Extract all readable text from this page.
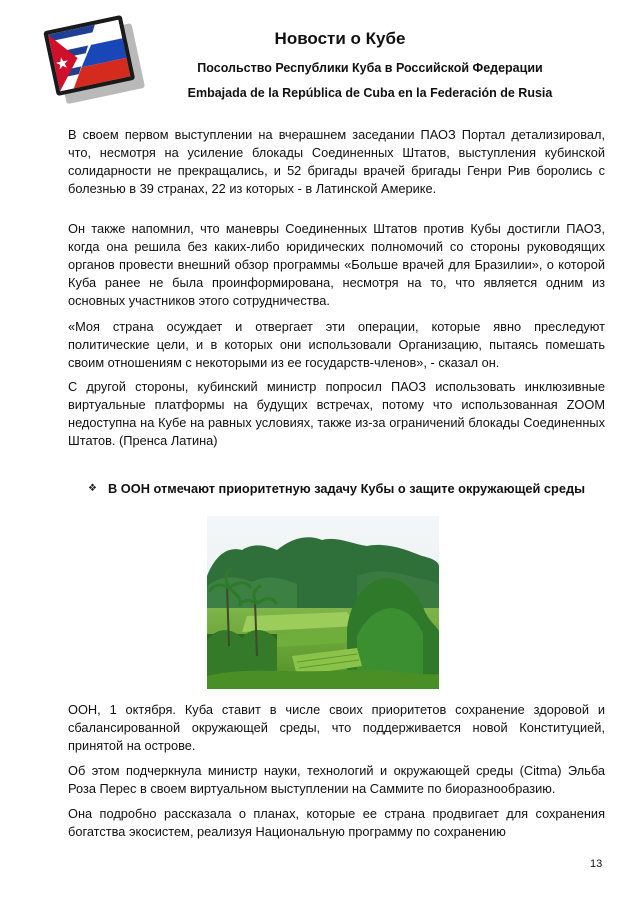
Новости о Кубе
Посольство Республики Куба в Российской Федерации
Embajada de la República de Cuba en la Federación de Rusia

В своем первом выступлении на вчерашнем заседании ПАОЗ Портал детализировал, что, несмотря на усиление блокады Соединенных Штатов, выступления кубинской солидарности не прекращались, и 52 бригады врачей бригады Генри Рив боролись с болезнью в 39 странах, 22 из которых - в Латинской Америке.

Он также напомнил, что маневры Соединенных Штатов против Кубы достигли ПАОЗ, когда она решила без каких-либо юридических полномочий со стороны руководящих органов провести внешний обзор программы «Больше врачей для Бразилии», о которой Куба ранее не была проинформирована, несмотря на то, что является одним из основных участников этого сотрудничества.

«Моя страна осуждает и отвергает эти операции, которые явно преследуют политические цели, и в которых они использовали Организацию, пытаясь помешать своим отношениям с некоторыми из ее государств-членов», - сказал он.

С другой стороны, кубинский министр попросил ПАОЗ использовать инклюзивные виртуальные платформы на будущих встречах, потому что использованная ZOOM недоступна на Кубе на равных условиях, также из-за ограничений блокады Соединенных Штатов. (Пренса Латина)

❖ В ООН отмечают приоритетную задачу Кубы о защите окружающей среды

ООН, 1 октября. Куба ставит в числе своих приоритетов сохранение здоровой и сбалансированной окружающей среды, что поддерживается новой Конституцией, принятой на острове.

Об этом подчеркнула министр науки, технологий и окружающей среды (Citma) Эльба Роза Перес в своем виртуальном выступлении на Саммите по биоразнообразию.

Она подробно рассказала о планах, которые ее страна продвигает для сохранения богатства экосистем, реализуя Национальную программу по сохранению

13
